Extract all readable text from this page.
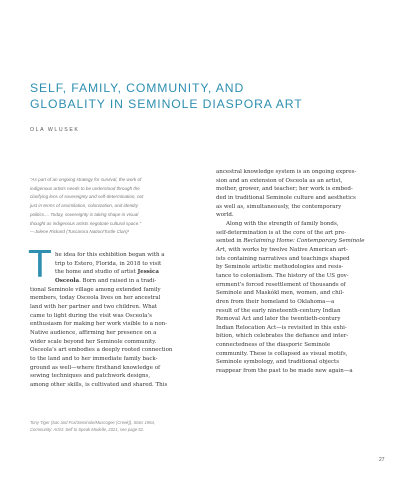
SELF, FAMILY, COMMUNITY, AND
GLOBALITY IN SEMINOLE DIASPORA ART
OLA WLUSEK

“As part of an ongoing strategy for survival, the work of

indigenous artists needs to be understood through the

clarifying lens of sovereignty and self-determination, not

just in terms of assimilation, colonization, and identity

politics.... Today, sovereignty is taking shape in visual

thought as indigenous artists negotiate cultural space.”

—Jolene Rickard (Tuscarora Nation/Turtle Clan)¹

T he idea for this exhibition began with a

trip to Estero, Florida, in 2018 to visit

the home and studio of artist Jessica

Osceola. Born and raised in a tradi-

tional Seminole village among extended family

members, today Osceola lives on her ancestral

land with her partner and two children. What

came to light during the visit was Osceola’s

enthusiasm for making her work visible to a non-

Native audience, affirming her presence on a

wider scale beyond her Seminole community.

Osceola’s art embodies a deeply rooted connection

to the land and to her immediate family back-

ground as well—where firsthand knowledge of

sewing techniques and patchwork designs,

among other skills, is cultivated and shared. This

ancestral knowledge system is an ongoing expres-

sion and an extension of Osceola as an artist,

mother, grower, and teacher; her work is embed-

ded in traditional Seminole culture and aesthetics

as well as, simultaneously, the contemporary

world.

Along with the strength of family bonds,

self-determination is at the core of the art pre-

sented in Reclaiming Home: Contemporary Seminole

Art, with works by twelve Native American art-

ists containing narratives and teachings shaped

by Seminole artistic methodologies and resis-

tance to colonialism. The history of the US gov-

ernment’s forced resettlement of thousands of

Seminole and Maskókī men, women, and chil-

dren from their homeland to Oklahoma—a

result of the early nineteenth-century Indian

Removal Act and later the twentieth-century

Indian Relocation Act—is revisited in this exhi-

bition, which celebrates the defiance and inter-

connectedness of the diasporic Seminole

community. These is collapsed as visual motifs,

Seminole symbology, and traditional objects

reappear from the past to be made new again—a

Tony Tiger (Sac and Fox/Seminole/Muscogee (Creek)), Stars 1964,

Community: Artist: Self to Speak Modelle, 2021, see page 52.

27
